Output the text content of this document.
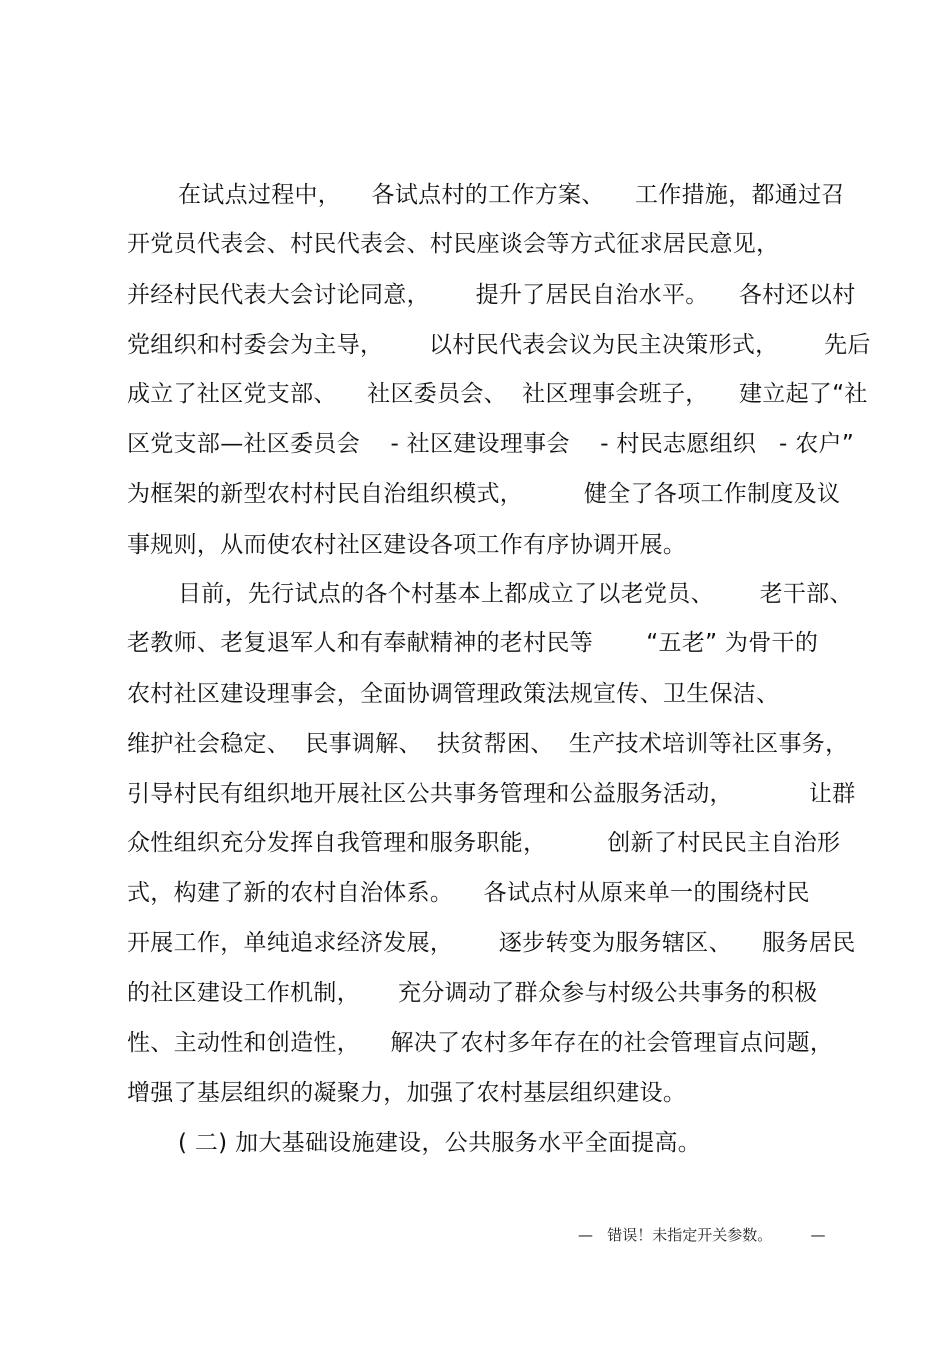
在试点过程中，    各试点村的工作方案、    工作措施，都通过召
开党员代表会、村民代表会、村民座谈会等方式征求居民意见，
并经村民代表大会讨论同意，      提升了居民自治水平。    各村还以村
党组织和村委会为主导，      以村民代表会议为民主决策形式，      先后
成立了社区党支部、    社区委员会、  社区理事会班子，    建立起了“社
区党支部—社区委员会    - 社区建设理事会    - 村民志愿组织   - 农户”
为框架的新型农村村民自治组织模式，        健全了各项工作制度及议
事规则，从而使农村社区建设各项工作有序协调开展。
目前，先行试点的各个村基本上都成立了以老党员、      老干部、
老教师、老复退军人和有奉献精神的老村民等       “五老” 为骨干的
农村社区建设理事会，全面协调管理政策法规宣传、卫生保洁、
维护社会稳定、  民事调解、  扶贫帮困、  生产技术培训等社区事务，
引导村民有组织地开展社区公共事务管理和公益服务活动，          让群
众性组织充分发挥自我管理和服务职能，        创新了村民民主自治形
式，构建了新的农村自治体系。    各试点村从原来单一的围绕村民
开展工作，单纯追求经济发展，      逐步转变为服务辖区、    服务居民
的社区建设工作机制，     充分调动了群众参与村级公共事务的积极
性、主动性和创造性，    解决了农村多年存在的社会管理盲点问题，
增强了基层组织的凝聚力，加强了农村基层组织建设。
( 二) 加大基础设施建设，公共服务水平全面提高。
—   错误！未指定开关参数。        —
